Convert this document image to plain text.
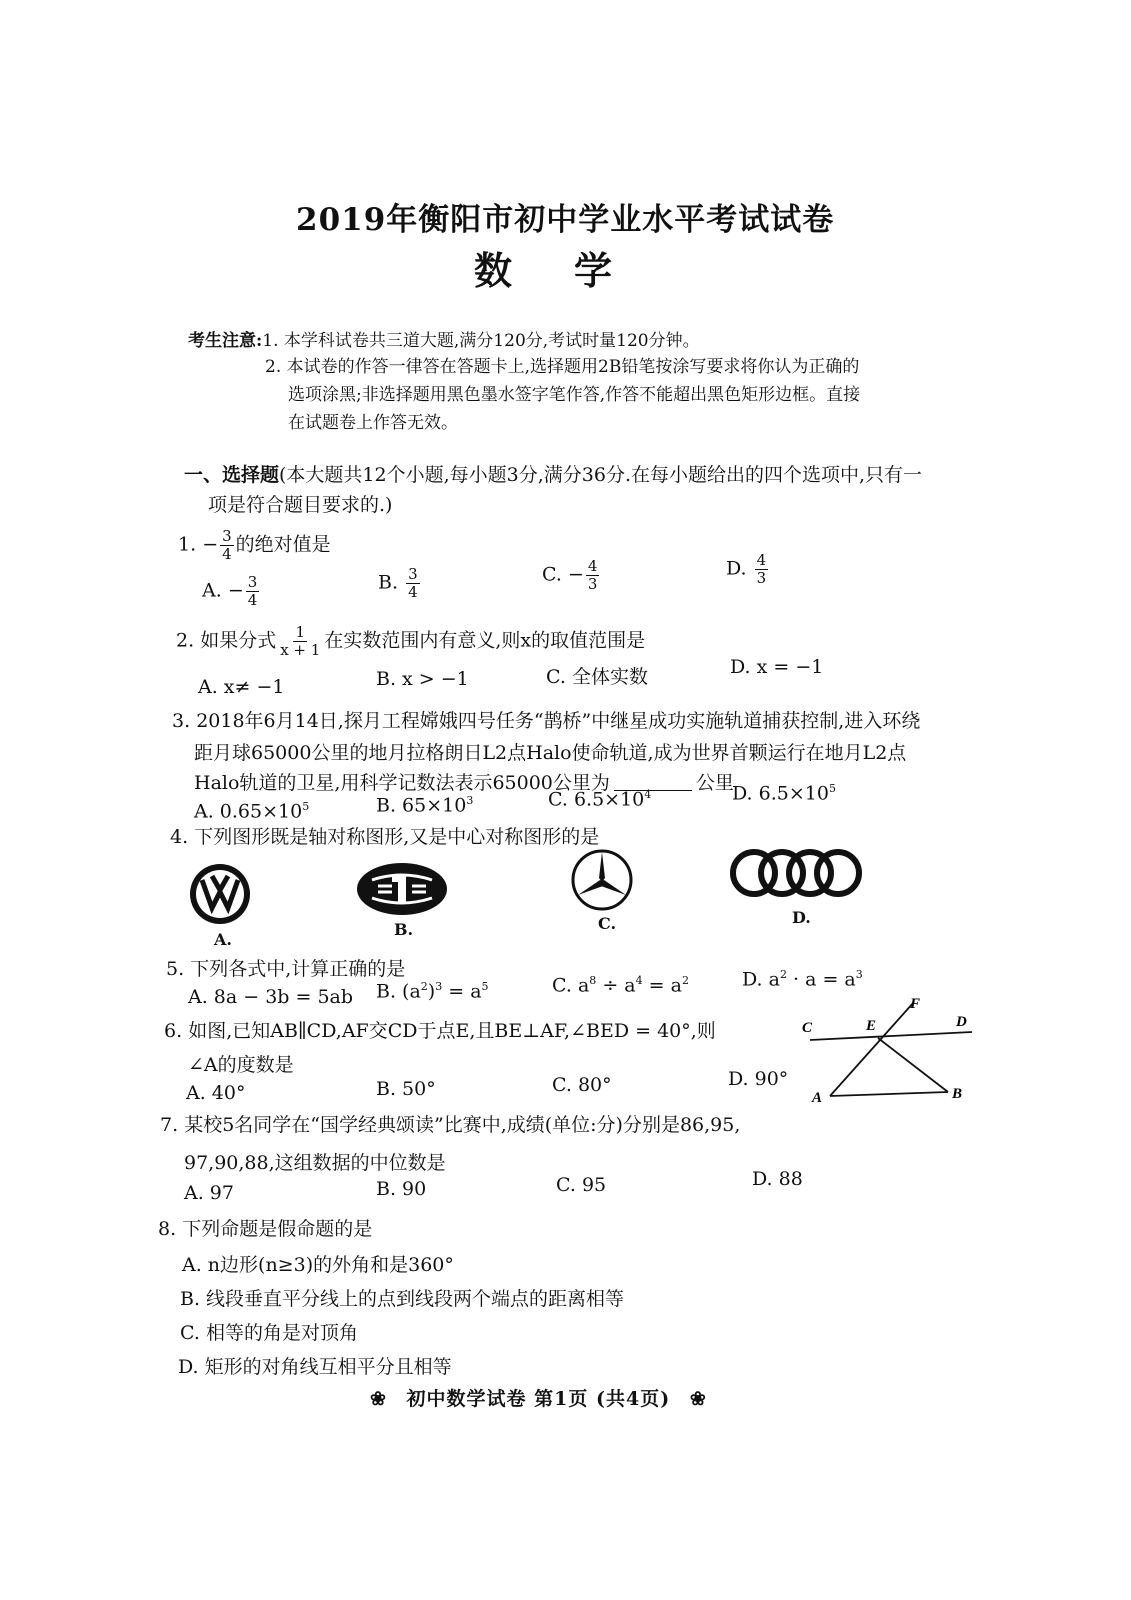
2019年衡阳市初中学业水平考试试卷
数学
考生注意:1. 本学科试卷共三道大题,满分120分,考试时量120分钟。
2. 本试卷的作答一律答在答题卡上,选择题用2B铅笔按涂写要求将你认为正确的
选项涂黑;非选择题用黑色墨水签字笔作答,作答不能超出黑色矩形边框。直接
在试题卷上作答无效。
一、选择题(本大题共12个小题,每小题3分,满分36分.在每小题给出的四个选项中,只有一
项是符合题目要求的.)
1. − $\frac{3}{4}$ 的绝对值是
A. − $\frac{3}{4}$	B. $\frac{3}{4}$	C. − $\frac{4}{3}$	D. $\frac{4}{3}$
2. 如果分式 $\frac{1}{x + 1}$ 在实数范围内有意义,则x的取值范围是
A. x≠ −1	B. x > −1	C. 全体实数	D. x = −1
3. 2018年6月14日,探月工程嫦娥四号任务“鹊桥”中继星成功实施轨道捕获控制,进入环绕
距月球65000公里的地月拉格朗日L2点Halo使命轨道,成为世界首颗运行在地月L2点
Halo轨道的卫星,用科学记数法表示65000公里为	公里
A. $0.65\times 10^5$	B. $65\times 10^3$	C. $6.5\times 10^4$	D. $6.5\times 10^5$
4. 下列图形既是轴对称图形,又是中心对称图形的是
A.
B.	C.	D.
5. 下列各式中,计算正确的是
A. 8a − 3b = 5ab B. $(a^2)^3 = a^5$	C. $a^8 \div a^4 = a^2$	D. $a^2 \cdot a = a^3$
6. 如图,已知AB∥CD,AF交CD于点E,且BE⊥AF,∠BED = 40°,则
∠A的度数是
A. 40°	B. 50°	C. 80°	D. 90°
C	E
F
D
A	B
7. 某校5名同学在“国学经典颂读”比赛中,成绩(单位:分)分别是86,95,
97,90,88,这组数据的中位数是
A. 97	B. 90	C. 95	D. 88
8. 下列命题是假命题的是
A. n边形(n≥3)的外角和是360°
B. 线段垂直平分线上的点到线段两个端点的距离相等
C. 相等的角是对顶角
D. 矩形的对角线互相平分且相等
❀ 初中数学试卷 第1页 (共4页) ❀
